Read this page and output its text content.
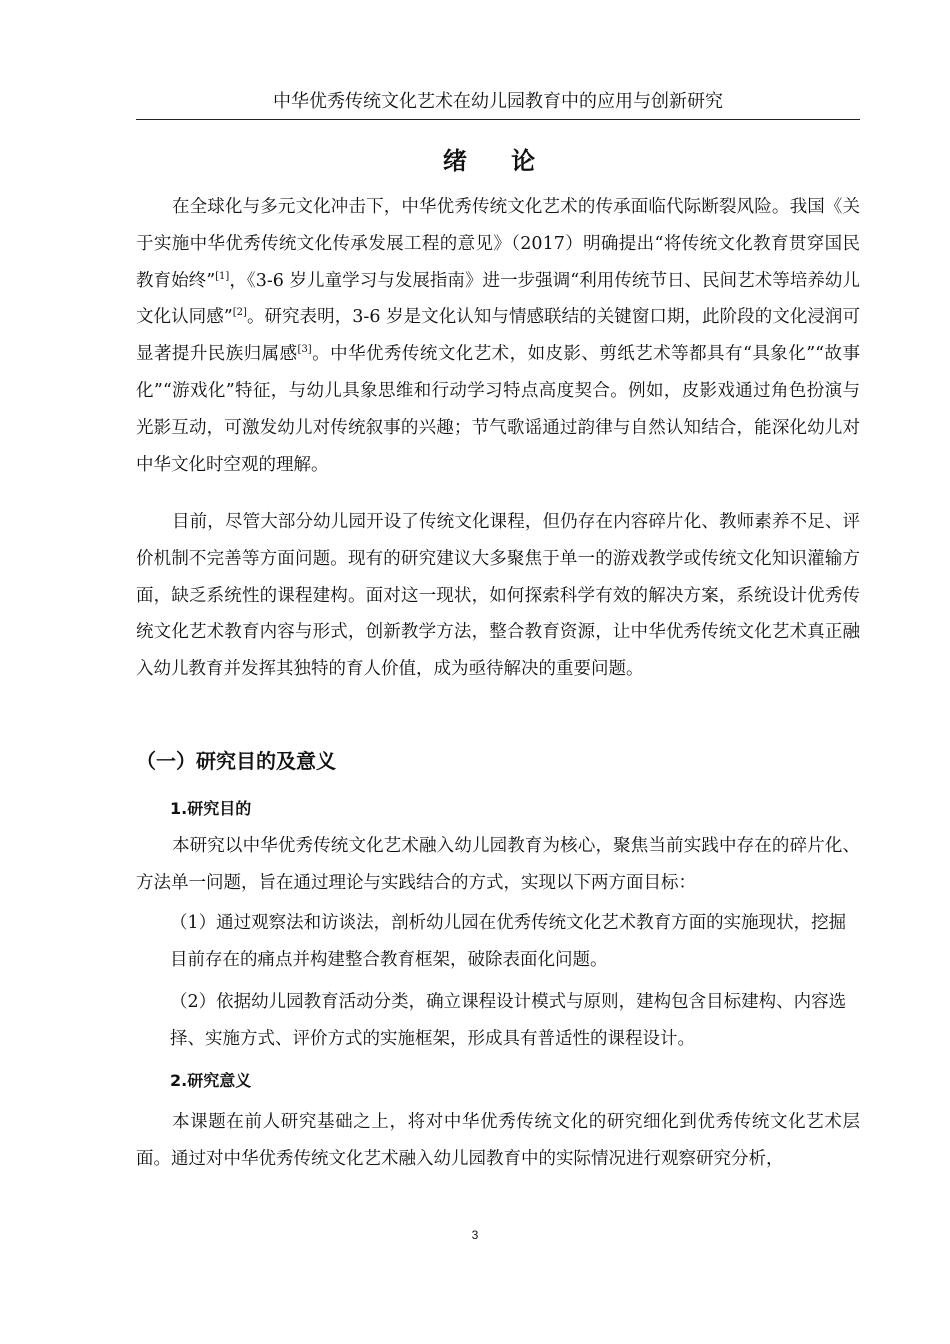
中华优秀传统文化艺术在幼儿园教育中的应用与创新研究
绪 论
在全球化与多元文化冲击下，中华优秀传统文化艺术的传承面临代际断裂风险。我国《关于实施中华优秀传统文化传承发展工程的意见》（2017）明确提出“将传统文化教育贯穿国民教育始终”[1]，《3-6 岁儿童学习与发展指南》进一步强调“利用传统节日、民间艺术等培养幼儿文化认同感”[2]。研究表明，3-6 岁是文化认知与情感联结的关键窗口期，此阶段的文化浸润可显著提升民族归属感[3]。中华优秀传统文化艺术，如皮影、剪纸艺术等都具有“具象化”“故事化”“游戏化”特征，与幼儿具象思维和行动学习特点高度契合。例如，皮影戏通过角色扮演与光影互动，可激发幼儿对传统叙事的兴趣；节气歌谣通过韵律与自然认知结合，能深化幼儿对中华文化时空观的理解。
目前，尽管大部分幼儿园开设了传统文化课程，但仍存在内容碎片化、教师素养不足、评价机制不完善等方面问题。现有的研究建议大多聚焦于单一的游戏教学或传统文化知识灌输方面，缺乏系统性的课程建构。面对这一现状，如何探索科学有效的解决方案，系统设计优秀传统文化艺术教育内容与形式，创新教学方法，整合教育资源，让中华优秀传统文化艺术真正融入幼儿教育并发挥其独特的育人价值，成为亟待解决的重要问题。
（一）研究目的及意义
1.研究目的
本研究以中华优秀传统文化艺术融入幼儿园教育为核心，聚焦当前实践中存在的碎片化、方法单一问题，旨在通过理论与实践结合的方式，实现以下两方面目标：
（1）通过观察法和访谈法，剖析幼儿园在优秀传统文化艺术教育方面的实施现状，挖掘目前存在的痛点并构建整合教育框架，破除表面化问题。
（2）依据幼儿园教育活动分类，确立课程设计模式与原则，建构包含目标建构、内容选择、实施方式、评价方式的实施框架，形成具有普适性的课程设计。
2.研究意义
本课题在前人研究基础之上，将对中华优秀传统文化的研究细化到优秀传统文化艺术层面。通过对中华优秀传统文化艺术融入幼儿园教育中的实际情况进行观察研究分析，
3
